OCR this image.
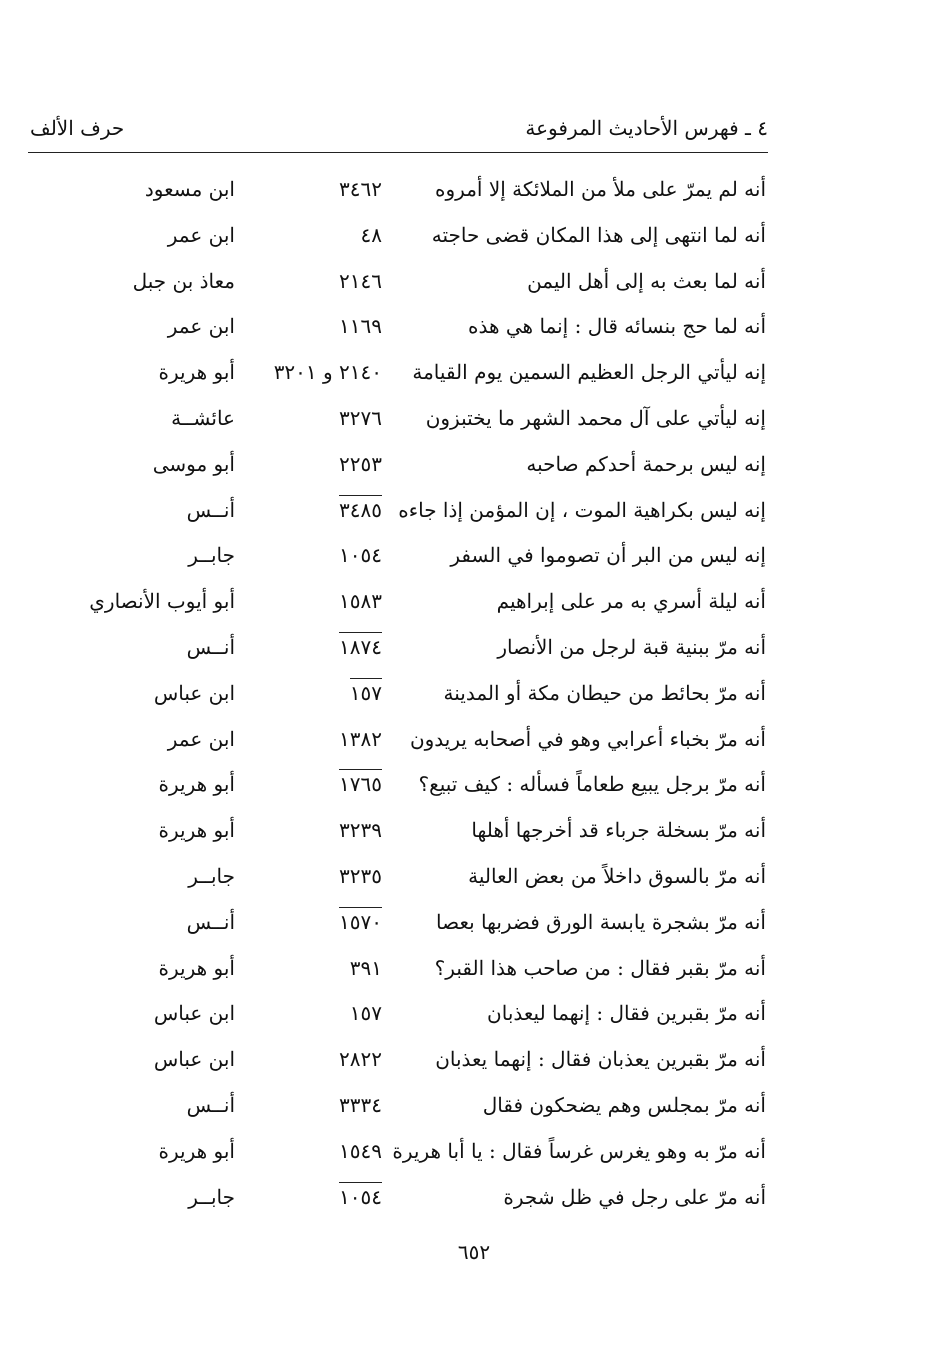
٤ ـ فهرس الأحاديث المرفوعة
حرف الألف
أنه لم يمرّ على ملأ من الملائكة إلا أمروه
٣٤٦٢
ابن مسعود
أنه لما انتهى إلى هذا المكان قضى حاجته
٤٨
ابن عمر
أنه لما بعث به إلى أهل اليمن
٢١٤٦
معاذ بن جبل
أنه لما حج بنسائه قال : إنما هي هذه
١١٦٩
ابن عمر
إنه ليأتي الرجل العظيم السمين يوم القيامة
٢١٤٠ و ٣٢٠١
أبو هريرة
إنه ليأتي على آل محمد الشهر ما يختبزون
٣٢٧٦
عائشــة
إنه ليس برحمة أحدكم صاحبه
٢٢٥٣
أبو موسى
إنه ليس بكراهية الموت ، إن المؤمن إذا جاءه
٣٤٨٥
أنــس
إنه ليس من البر أن تصوموا في السفر
١٠٥٤
جابــر
أنه ليلة أسري به مر على إبراهيم
١٥٨٣
أبو أيوب الأنصاري
أنه مرّ ببنية قبة لرجل من الأنصار
١٨٧٤
أنــس
أنه مرّ بحائط من حيطان مكة أو المدينة
١٥٧
ابن عباس
أنه مرّ بخباء أعرابي وهو في أصحابه يريدون
١٣٨٢
ابن عمر
أنه مرّ برجل يبيع طعاماً فسأله : كيف تبيع؟
١٧٦٥
أبو هريرة
أنه مرّ بسخلة جرباء قد أخرجها أهلها
٣٢٣٩
أبو هريرة
أنه مرّ بالسوق داخلاً من بعض العالية
٣٢٣٥
جابــر
أنه مرّ بشجرة يابسة الورق فضربها بعصا
١٥٧٠
أنــس
أنه مرّ بقبر فقال : من صاحب هذا القبر؟
٣٩١
أبو هريرة
أنه مرّ بقبرين فقال : إنهما ليعذبان
١٥٧
ابن عباس
أنه مرّ بقبرين يعذبان فقال : إنهما يعذبان
٢٨٢٢
ابن عباس
أنه مرّ بمجلس وهم يضحكون فقال
٣٣٣٤
أنــس
أنه مرّ به وهو يغرس غرساً فقال : يا أبا هريرة
١٥٤٩
أبو هريرة
أنه مرّ على رجل في ظل شجرة
١٠٥٤
جابــر
٦٥٢
